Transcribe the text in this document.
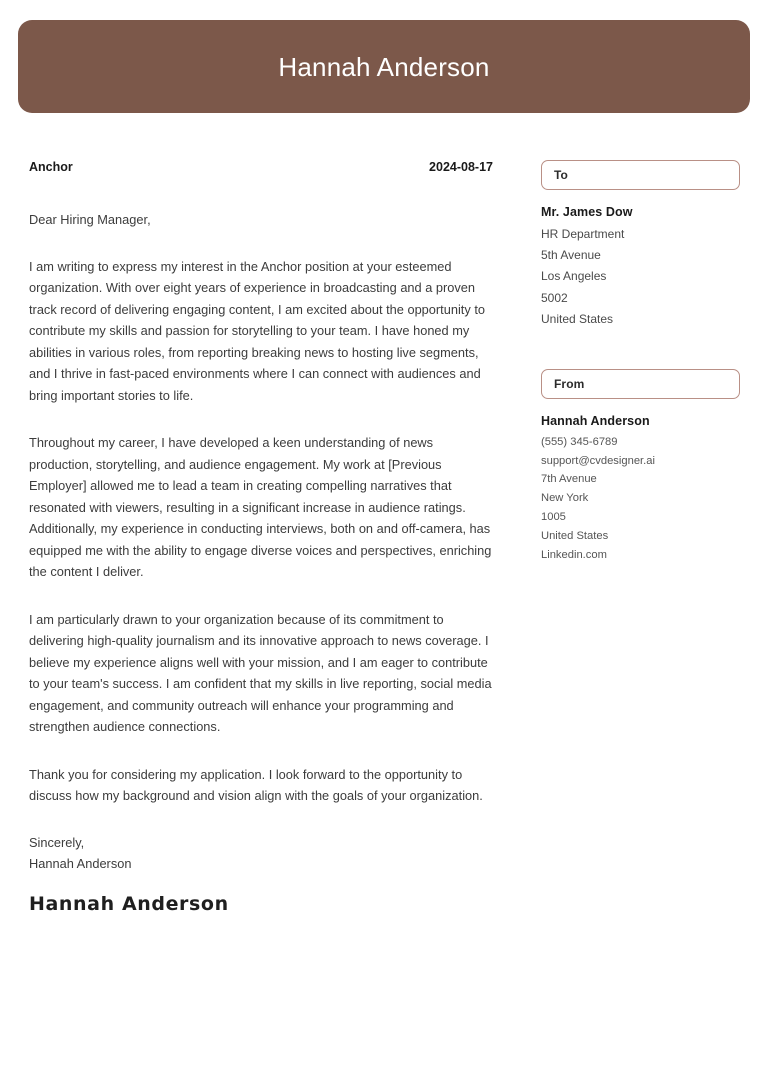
Hannah Anderson
Anchor	2024-08-17
Dear Hiring Manager,

I am writing to express my interest in the Anchor position at your esteemed organization. With over eight years of experience in broadcasting and a proven track record of delivering engaging content, I am excited about the opportunity to contribute my skills and passion for storytelling to your team. I have honed my abilities in various roles, from reporting breaking news to hosting live segments, and I thrive in fast-paced environments where I can connect with audiences and bring important stories to life.

Throughout my career, I have developed a keen understanding of news production, storytelling, and audience engagement. My work at [Previous Employer] allowed me to lead a team in creating compelling narratives that resonated with viewers, resulting in a significant increase in audience ratings. Additionally, my experience in conducting interviews, both on and off-camera, has equipped me with the ability to engage diverse voices and perspectives, enriching the content I deliver.

I am particularly drawn to your organization because of its commitment to delivering high-quality journalism and its innovative approach to news coverage. I believe my experience aligns well with your mission, and I am eager to contribute to your team's success. I am confident that my skills in live reporting, social media engagement, and community outreach will enhance your programming and strengthen audience connections.

Thank you for considering my application. I look forward to the opportunity to discuss how my background and vision align with the goals of your organization.

Sincerely,
Hannah Anderson
Hannah Anderson
To
Mr. James Dow
HR Department
5th Avenue
Los Angeles
5002
United States
From
Hannah Anderson
(555) 345-6789
support@cvdesigner.ai
7th Avenue
New York
1005
United States
Linkedin.com
